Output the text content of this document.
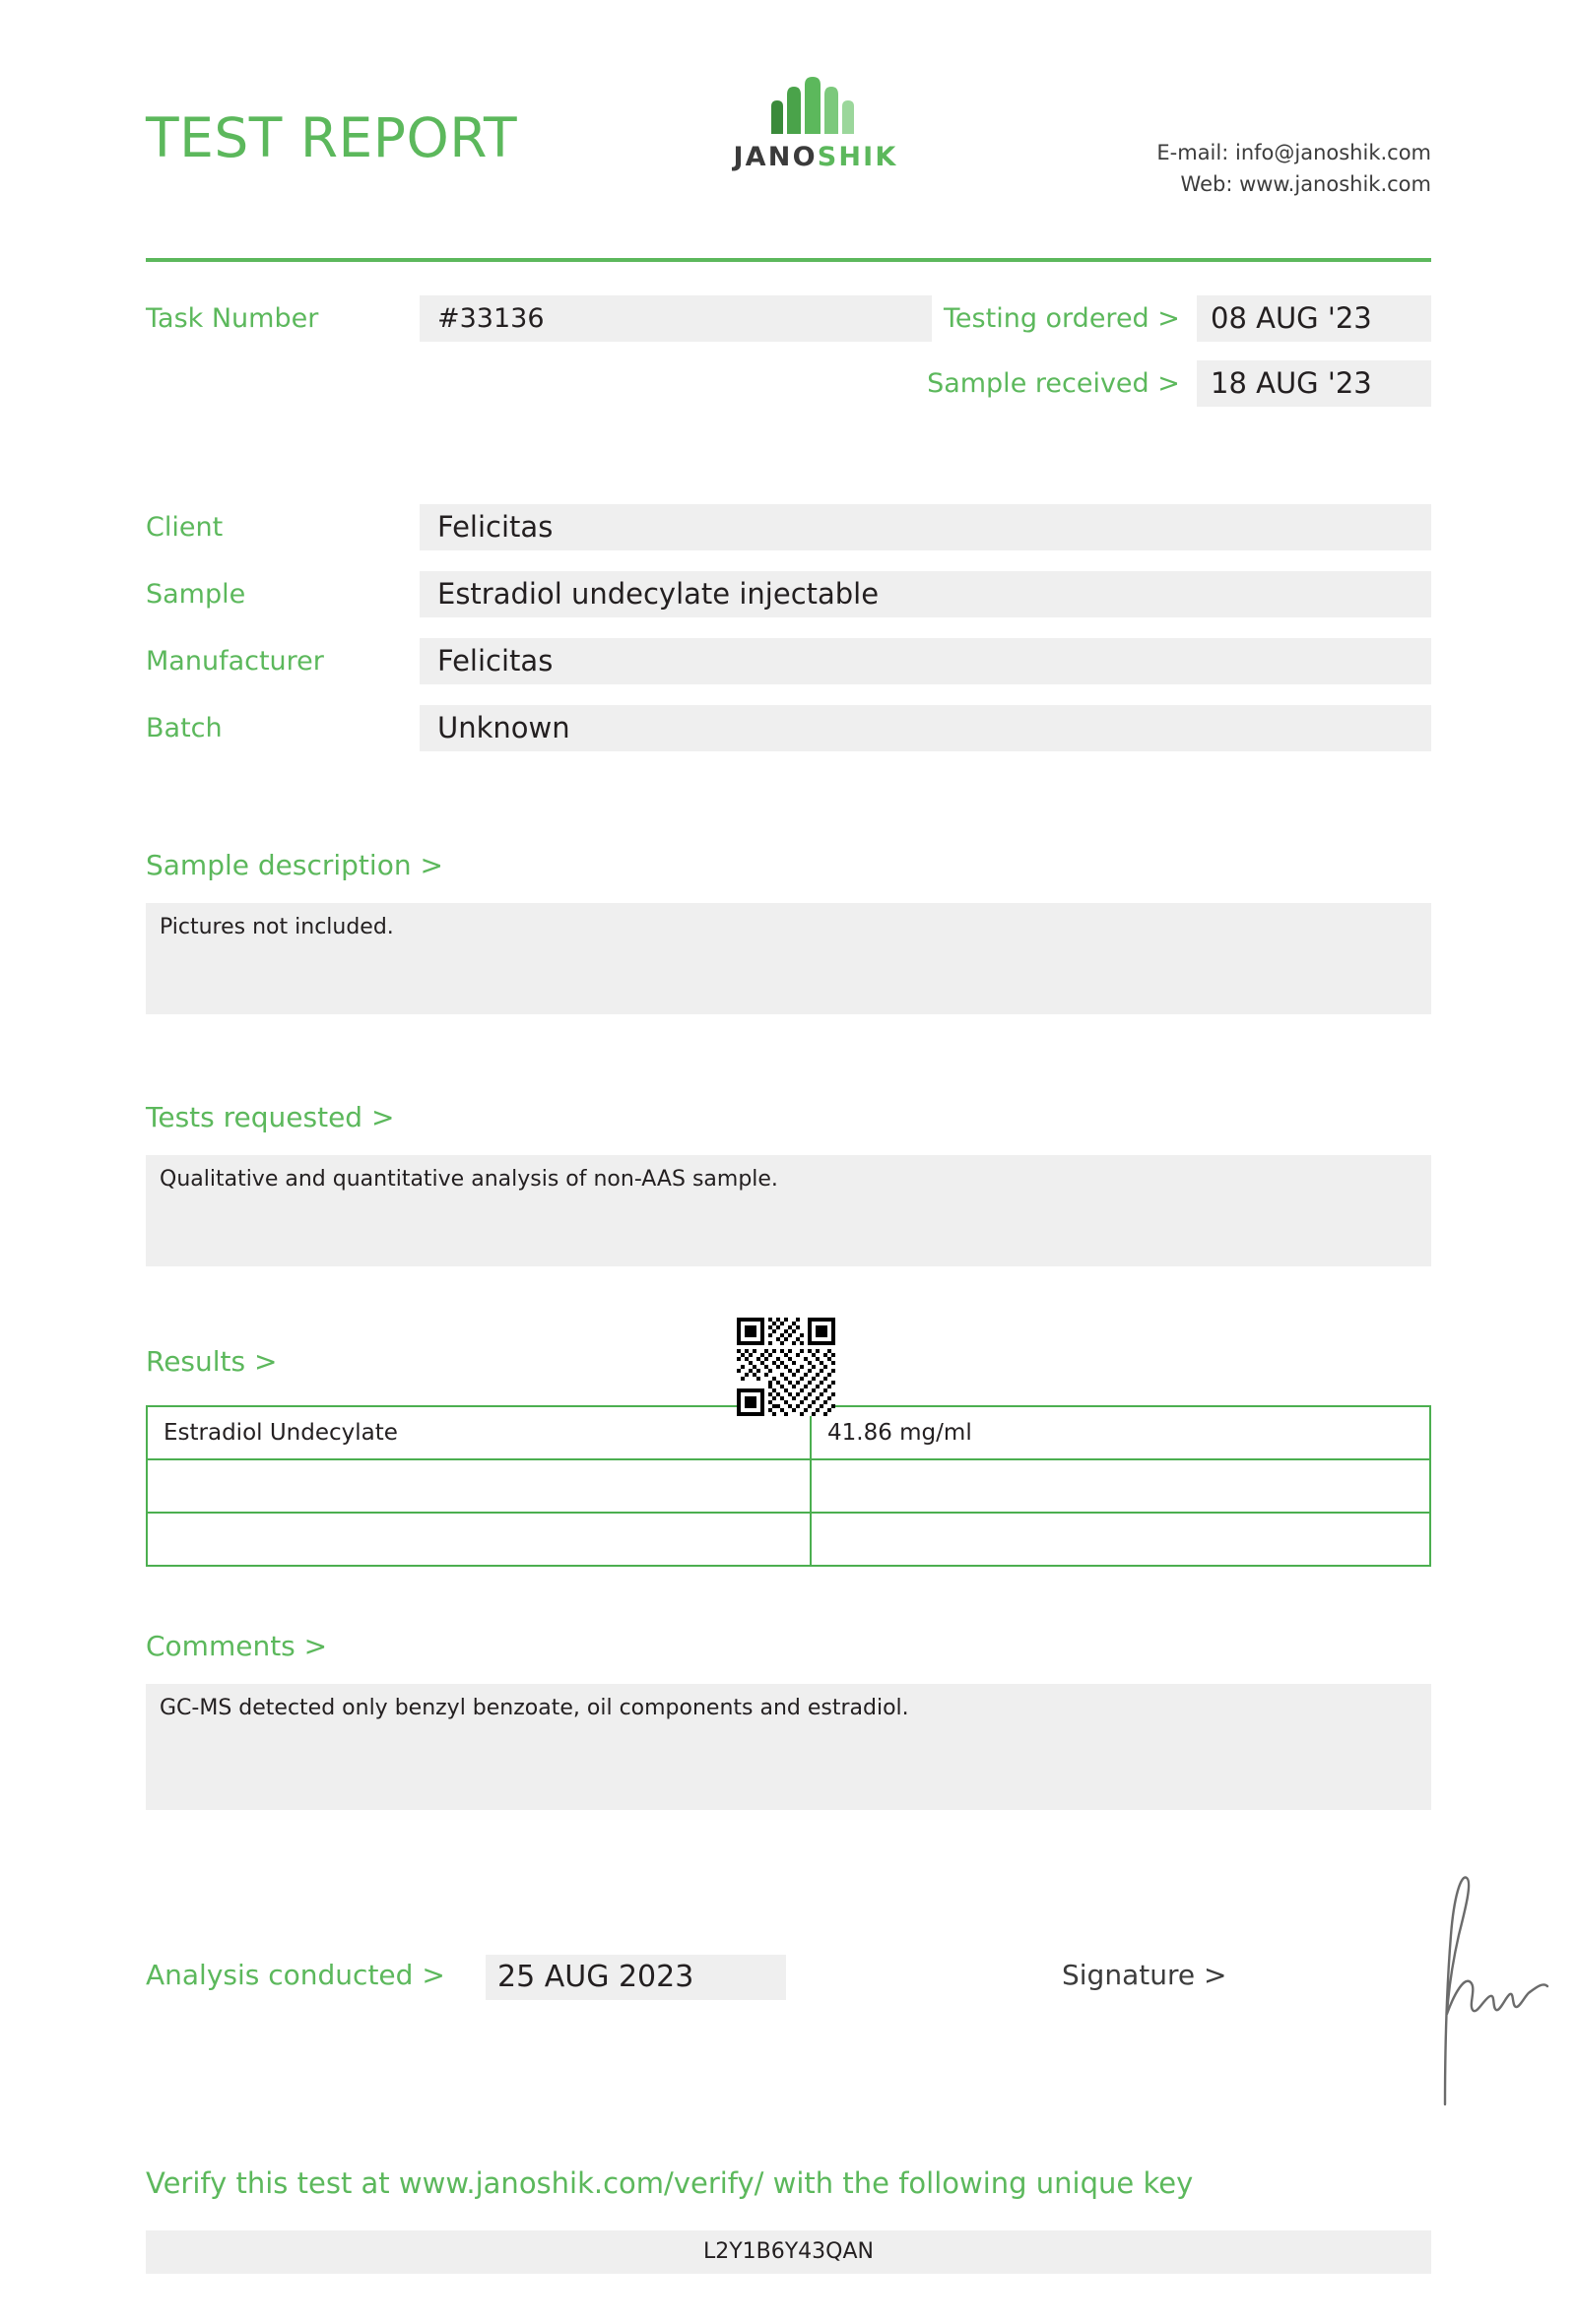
TEST REPORT	JANOSHIK	E-mail: info@janoshik.com
Web: www.janoshik.com
Task Number	#33136	Testing ordered > 08 AUG '23
Sample received > 18 AUG '23
Client	Felicitas
Sample	Estradiol undecylate injectable
Manufacturer	Felicitas
Batch	Unknown
Sample description >
Pictures not included.
Tests requested >
Qualitative and quantitative analysis of non-AAS sample.
Results >
Estradiol Undecylate	41.86 mg/ml

Comments >
GC-MS detected only benzyl benzoate, oil components and estradiol.
Analysis conducted >	25 AUG 2023	Signature >
Verify this test at www.janoshik.com/verify/ with the following unique key
L2Y1B6Y43QAN
